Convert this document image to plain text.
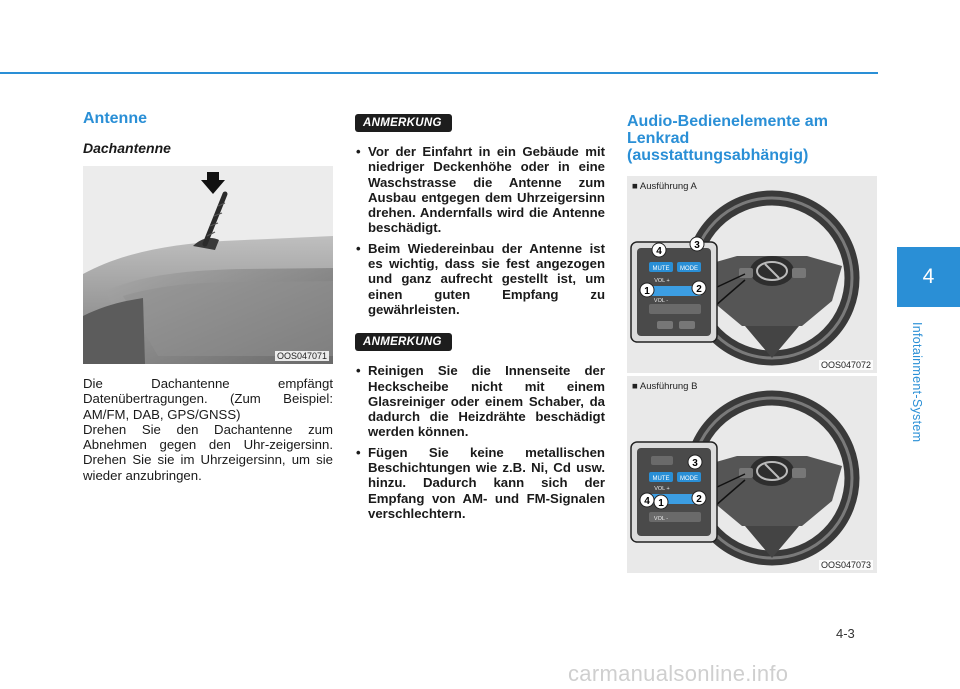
Antenne
Dachantenne
OOS047071

Die Dachantenne empfängt Datenübertragungen. (Zum Beispiel: AM/FM, DAB, GPS/GNSS)

Drehen Sie den Dachantenne zum Abnehmen gegen den Uhr-zeigersinn. Drehen Sie sie im Uhrzeigersinn, um sie wieder anzubringen.

ANMERKUNG
• Vor der Einfahrt in ein Gebäude mit niedriger Deckenhöhe oder in eine Waschstrasse die Antenne zum Ausbau entgegen dem Uhrzeigersinn drehen. Andernfalls wird die Antenne beschädigt.
• Beim Wiedereinbau der Antenne ist es wichtig, dass sie fest angezogen und ganz aufrecht gestellt ist, um einen guten Empfang zu gewährleisten.
ANMERKUNG
• Reinigen Sie die Innenseite der Heckscheibe nicht mit einem Glasreiniger oder einem Schaber, da dadurch die Heizdrähte beschädigt werden können.
• Fügen Sie keine metallischen Beschichtungen wie z.B. Ni, Cd usw. hinzu. Dadurch kann sich der Empfang von AM- und FM-Signalen verschlechtern.
Audio-Bedienelemente am Lenkrad (ausstattungsabhängig)
■ Ausführung A
MUTE MODE
VOL +
VOL -
4
3
1	2
OOS047072
■ Ausführung B
MUTE MODE
VOL +
VOL -
3
4 1	2
OOS047073
4
Infotainment-System
4-3
carmanualsonline.info
